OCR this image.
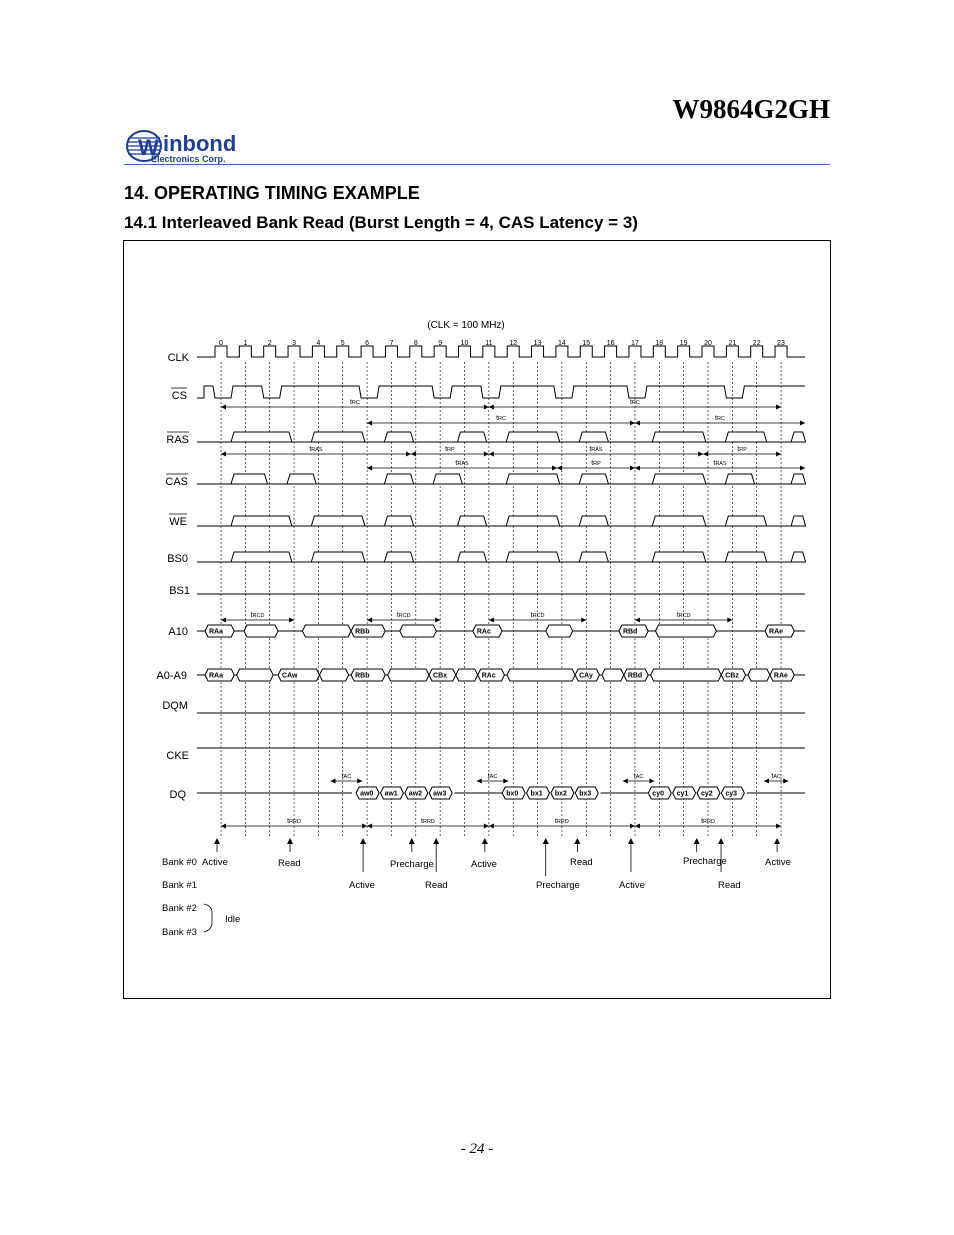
W9864G2GH
W inbond
Electronics Corp.
14. OPERATING TIMING EXAMPLE
14.1 Interleaved Bank Read (Burst Length = 4, CAS Latency = 3)
(CLK = 100 MHz)
0	1	2	3	4	5	6	7	8	9	10 11 12 13 14 15 16 17 18 19 20 21 22 23
CLK
CS
RAS
CAS
WE
BS0
BS1
A10
A0-A9
DQM
CKE
DQ
Bank #0
Bank #1
Bank #2
Bank #3
Idle
Active	Read	Precharge	Active	Read	Precharge	Active
Active	Read	Precharge	Active	Read
tRC	tRC
tRC	tRC
tRAS	tRP	tRAS	tRP
tRAS	tRP	tRAS
tRCD	tRCD	tRCD	tRCD
tAC	tAC	tAC	tAC
tRRD	tRRD	tRRD	tRRD
RAa	RBb	RAc	RBd	RAe
RAa	CAw	RBb	CBx	RAc	CAy	RBd	CBz	RAe
aw0 aw1 aw2 aw3	bx0 bx1 bx2 bx3	cy0 cy1 cy2 cy3
- 24 -
